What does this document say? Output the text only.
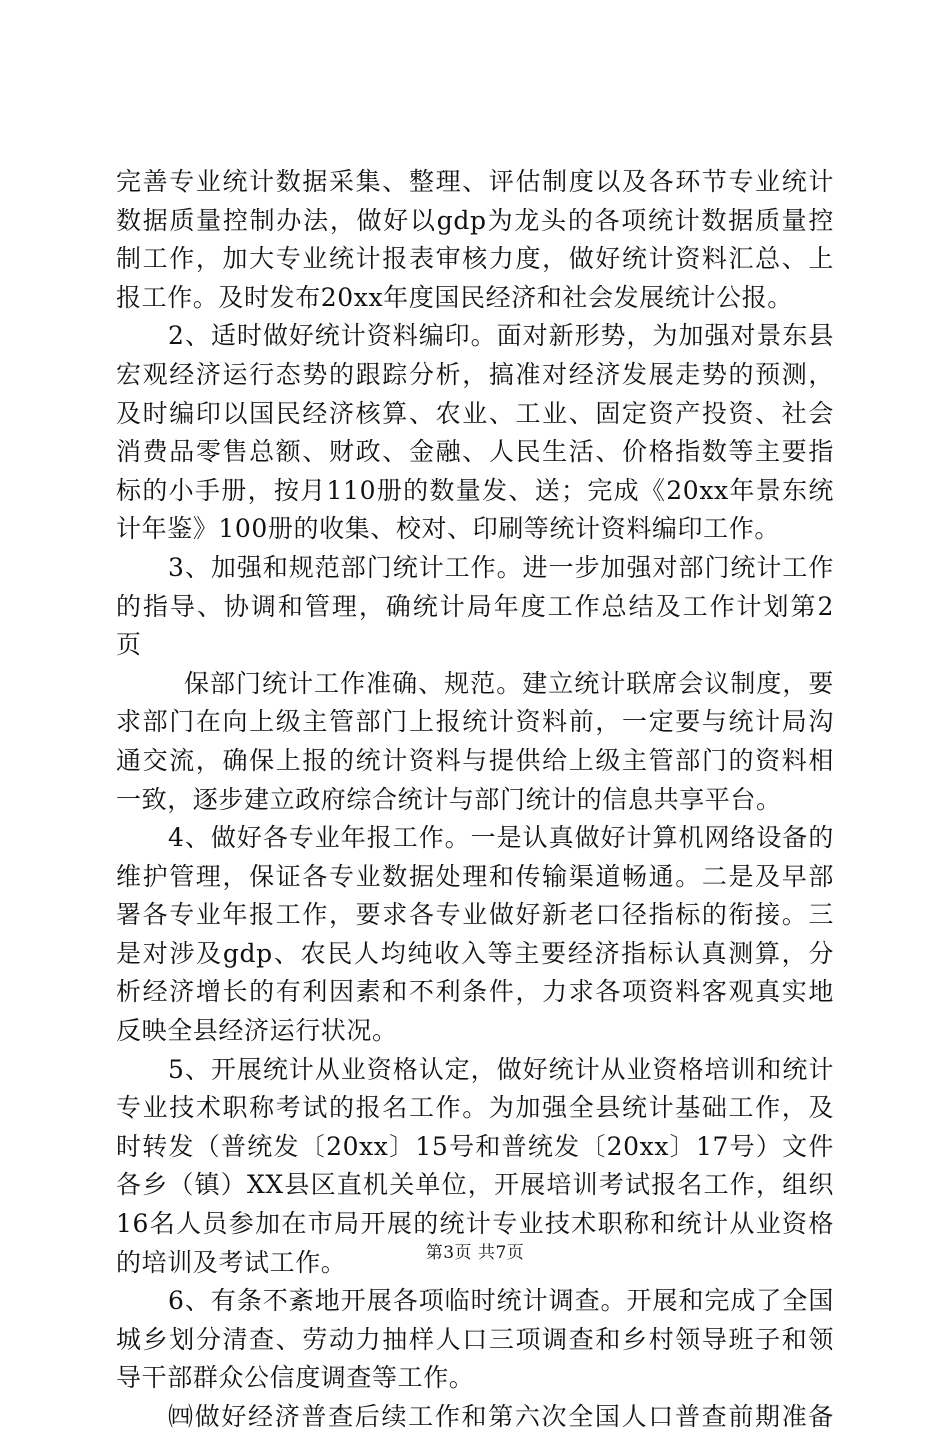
完善专业统计数据采集、整理、评估制度以及各环节专业统计
数据质量控制办法，做好以gdp为龙头的各项统计数据质量控
制工作，加大专业统计报表审核力度，做好统计资料汇总、上
报工作。及时发布20xx年度国民经济和社会发展统计公报。
2、适时做好统计资料编印。面对新形势，为加强对景东县
宏观经济运行态势的跟踪分析，搞准对经济发展走势的预测，
及时编印以国民经济核算、农业、工业、固定资产投资、社会
消费品零售总额、财政、金融、人民生活、价格指数等主要指
标的小手册，按月110册的数量发、送；完成《20xx年景东统
计年鉴》100册的收集、校对、印刷等统计资料编印工作。
3、加强和规范部门统计工作。进一步加强对部门统计工作
的指导、协调和管理，确统计局年度工作总结及工作计划第2
页
保部门统计工作准确、规范。建立统计联席会议制度，要
求部门在向上级主管部门上报统计资料前，一定要与统计局沟
通交流，确保上报的统计资料与提供给上级主管部门的资料相
一致，逐步建立政府综合统计与部门统计的信息共享平台。
4、做好各专业年报工作。一是认真做好计算机网络设备的
维护管理，保证各专业数据处理和传输渠道畅通。二是及早部
署各专业年报工作，要求各专业做好新老口径指标的衔接。三
是对涉及gdp、农民人均纯收入等主要经济指标认真测算，分
析经济增长的有利因素和不利条件，力求各项资料客观真实地
反映全县经济运行状况。
5、开展统计从业资格认定，做好统计从业资格培训和统计
专业技术职称考试的报名工作。为加强全县统计基础工作，及
时转发（普统发〔20xx〕15号和普统发〔20xx〕17号）文件
各乡（镇）XX县区直机关单位，开展培训考试报名工作，组织
16名人员参加在市局开展的统计专业技术职称和统计从业资格
的培训及考试工作。
6、有条不紊地开展各项临时统计调查。开展和完成了全国
城乡划分清查、劳动力抽样人口三项调查和乡村领导班子和领
导干部群众公信度调查等工作。
㈣做好经济普查后续工作和第六次全国人口普查前期准备
第3页 共7页
